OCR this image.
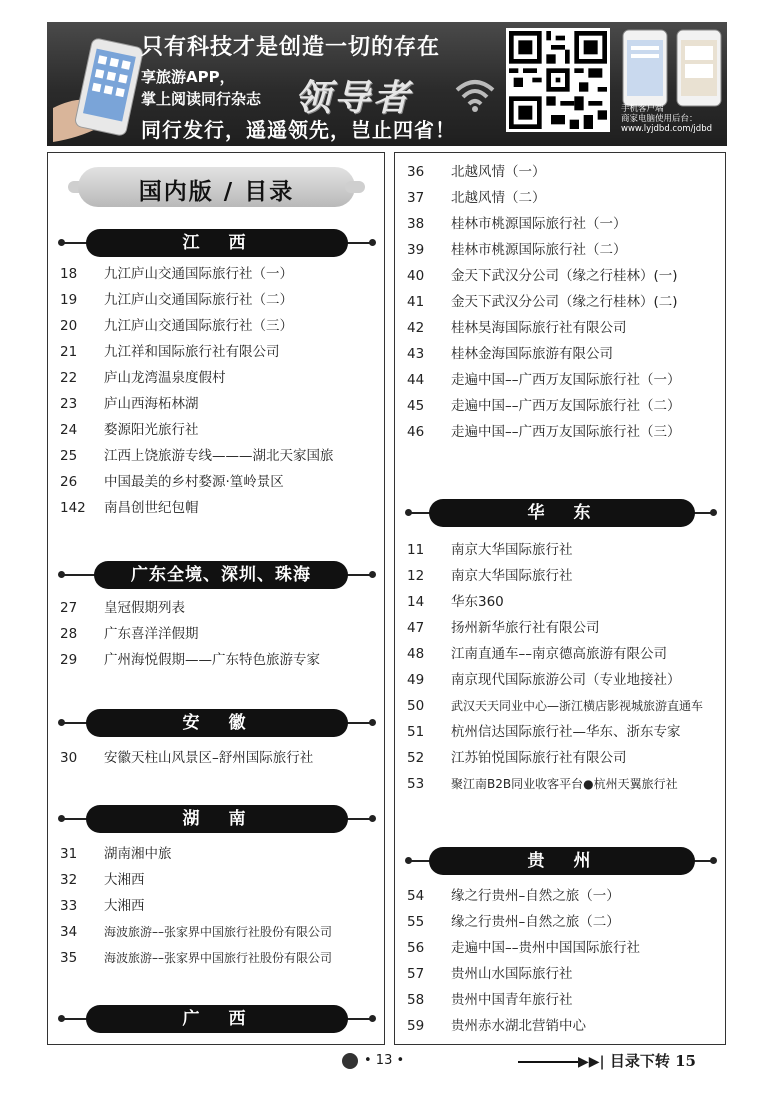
只有科技才是创造一切的存在
享旅游APP，
掌上阅读同行杂志 领导者
同行发行，遥遥领先，岂止四省！
手机客户端
商家电脑使用后台：
www.lyjdbd.com/jdbd
国内版 / 目录
江　西
18	九江庐山交通国际旅行社（一）
19	九江庐山交通国际旅行社（二）
20	九江庐山交通国际旅行社（三）
21	九江祥和国际旅行社有限公司
22	庐山龙湾温泉度假村
23	庐山西海柘林湖
24	婺源阳光旅行社
25	江西上饶旅游专线———湖北天家国旅
26	中国最美的乡村婺源·篁岭景区
142	南昌创世纪包帽
广东全境、深圳、珠海
27	皇冠假期列表
28	广东喜洋洋假期
29	广州海悦假期——广东特色旅游专家
安　徽
30	安徽天柱山风景区–舒州国际旅行社
湖　南
31	湖南湘中旅
32	大湘西
33	大湘西
34	海波旅游––张家界中国旅行社股份有限公司
35	海波旅游––张家界中国旅行社股份有限公司
广　西
36	北越风情（一）
37	北越风情（二）
38	桂林市桃源国际旅行社（一）
39	桂林市桃源国际旅行社（二）
40	金天下武汉分公司（缘之行桂林）(一)
41	金天下武汉分公司（缘之行桂林）(二)
42	桂林昊海国际旅行社有限公司
43	桂林金海国际旅游有限公司
44	走遍中国––广西万友国际旅行社（一）
45	走遍中国––广西万友国际旅行社（二）
46	走遍中国––广西万友国际旅行社（三）
华　东
11	南京大华国际旅行社
12	南京大华国际旅行社
14	华东360
47	扬州新华旅行社有限公司
48	江南直通车––南京德高旅游有限公司
49	南京现代国际旅游公司（专业地接社）
50	武汉天天同业中心—浙江横店影视城旅游直通车
51	杭州信达国际旅行社—华东、浙东专家
52	江苏铂悦国际旅行社有限公司
53	聚江南B2B同业收客平台●杭州天翼旅行社
贵　州
54	缘之行贵州–自然之旅（一）
55	缘之行贵州–自然之旅（二）
56	走遍中国––贵州中国国际旅行社
57	贵州山水国际旅行社
58	贵州中国青年旅行社
59	贵州赤水湖北营销中心
• 13 •	▶▶| 目录下转 15
